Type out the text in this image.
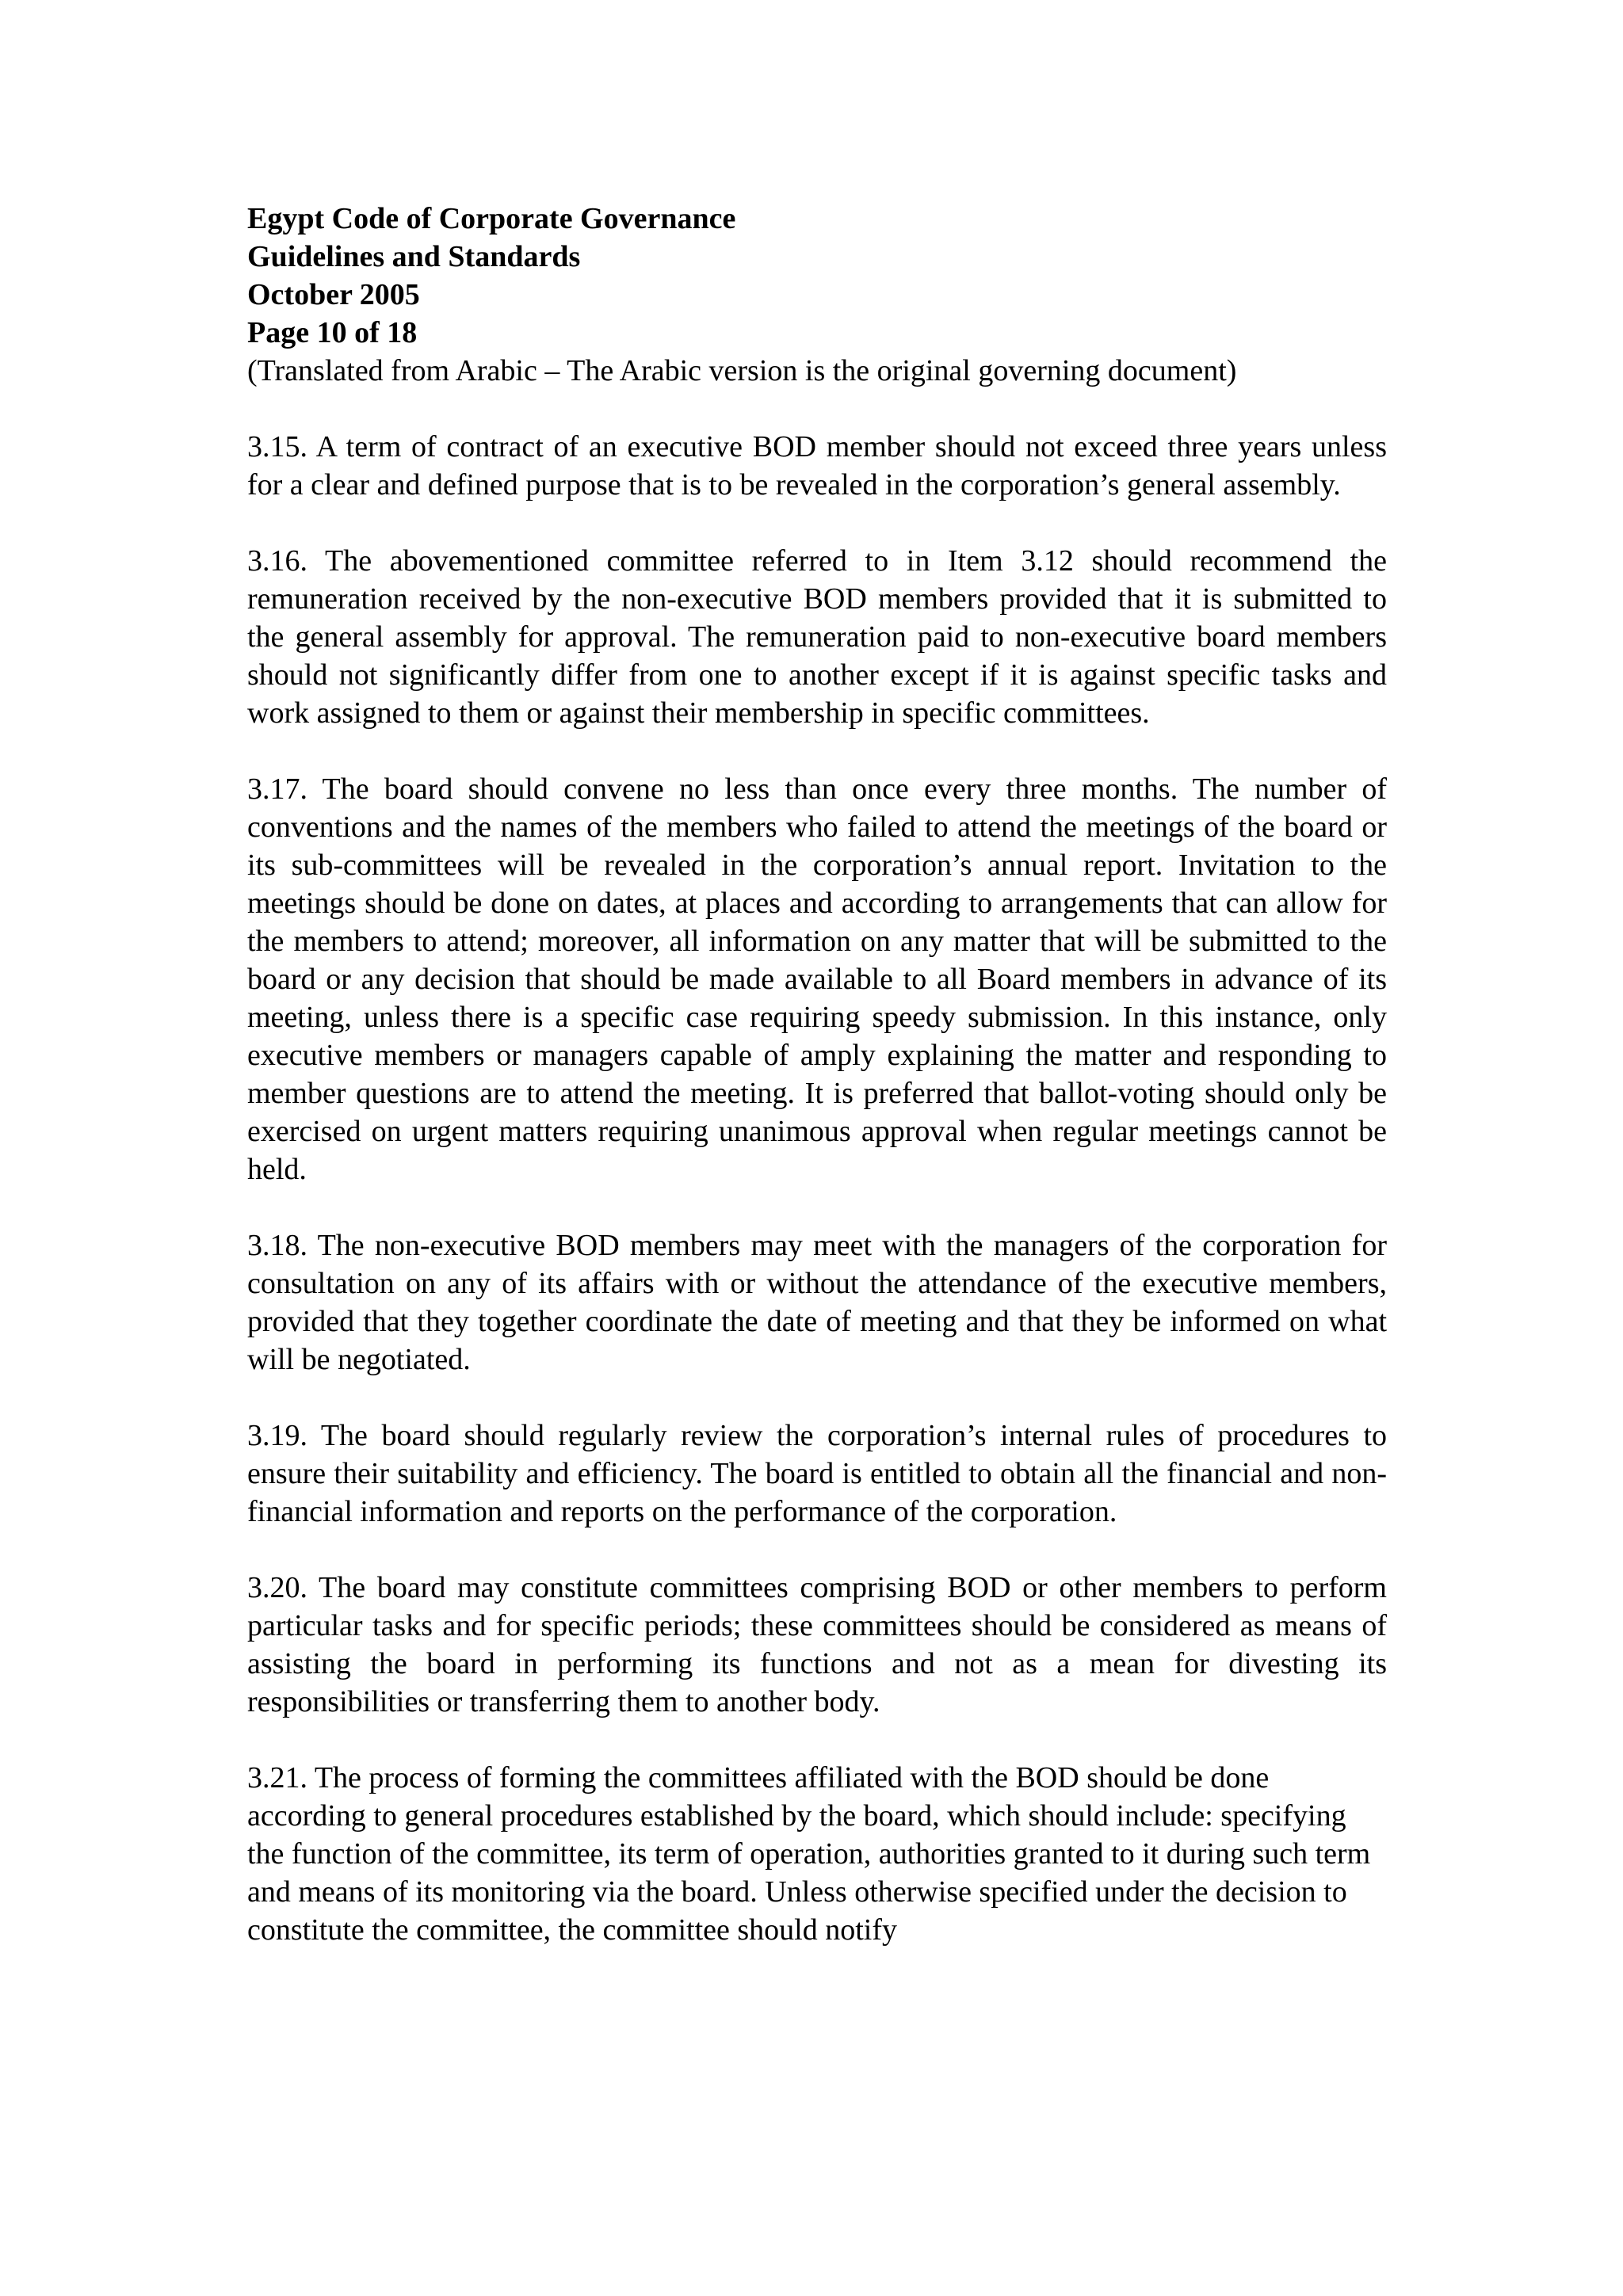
Egypt Code of Corporate Governance
Guidelines and Standards
October 2005
Page 10 of 18
(Translated from Arabic – The Arabic version is the original governing document)

3.15. A term of contract of an executive BOD member should not exceed three years unless for a clear and defined purpose that is to be revealed in the corporation’s general assembly.

3.16. The abovementioned committee referred to in Item 3.12 should recommend the remuneration received by the non-executive BOD members provided that it is submitted to the general assembly for approval. The remuneration paid to non-executive board members should not significantly differ from one to another except if it is against specific tasks and work assigned to them or against their membership in specific committees.

3.17. The board should convene no less than once every three months. The number of conventions and the names of the members who failed to attend the meetings of the board or its sub-committees will be revealed in the corporation’s annual report. Invitation to the meetings should be done on dates, at places and according to arrangements that can allow for the members to attend; moreover, all information on any matter that will be submitted to the board or any decision that should be made available to all Board members in advance of its meeting, unless there is a specific case requiring speedy submission. In this instance, only executive members or managers capable of amply explaining the matter and responding to member questions are to attend the meeting. It is preferred that ballot-voting should only be exercised on urgent matters requiring unanimous approval when regular meetings cannot be held.

3.18. The non-executive BOD members may meet with the managers of the corporation for consultation on any of its affairs with or without the attendance of the executive members, provided that they together coordinate the date of meeting and that they be informed on what will be negotiated.

3.19. The board should regularly review the corporation’s internal rules of procedures to ensure their suitability and efficiency. The board is entitled to obtain all the financial and non-financial information and reports on the performance of the corporation.

3.20. The board may constitute committees comprising BOD or other members to perform particular tasks and for specific periods; these committees should be considered as means of assisting the board in performing its functions and not as a mean for divesting its responsibilities or transferring them to another body.

3.21. The process of forming the committees affiliated with the BOD should be done according to general procedures established by the board, which should include: specifying the function of the committee, its term of operation, authorities granted to it during such term and means of its monitoring via the board. Unless otherwise specified under the decision to constitute the committee, the committee should notify
